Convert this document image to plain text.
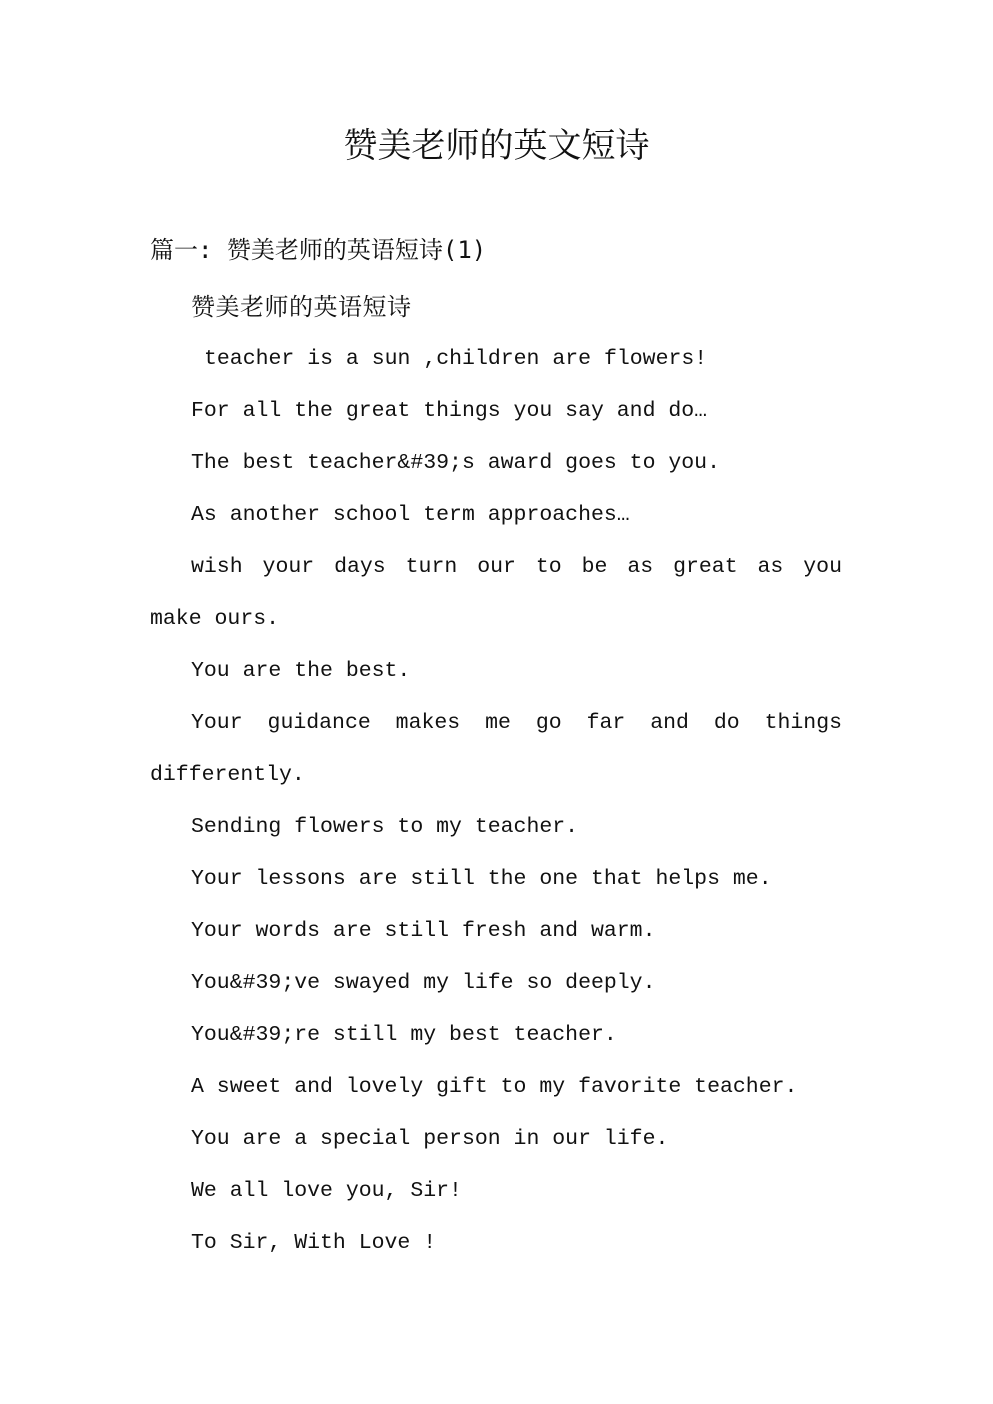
赞美老师的英文短诗
篇一: 赞美老师的英语短诗(1)
赞美老师的英语短诗
teacher is a sun ,children are flowers!
For all the great things you say and do…
The best teacher&#39;s award goes to you.
As another school term approaches…
wish your days turn our to be as great as you
make ours.
You are the best.
Your guidance makes me go far and do things
differently.
Sending flowers to my teacher.
Your lessons are still the one that helps me.
Your words are still fresh and warm.
You&#39;ve swayed my life so deeply.
You&#39;re still my best teacher.
A sweet and lovely gift to my favorite teacher.
You are a special person in our life.
We all love you, Sir!
To Sir, With Love !
